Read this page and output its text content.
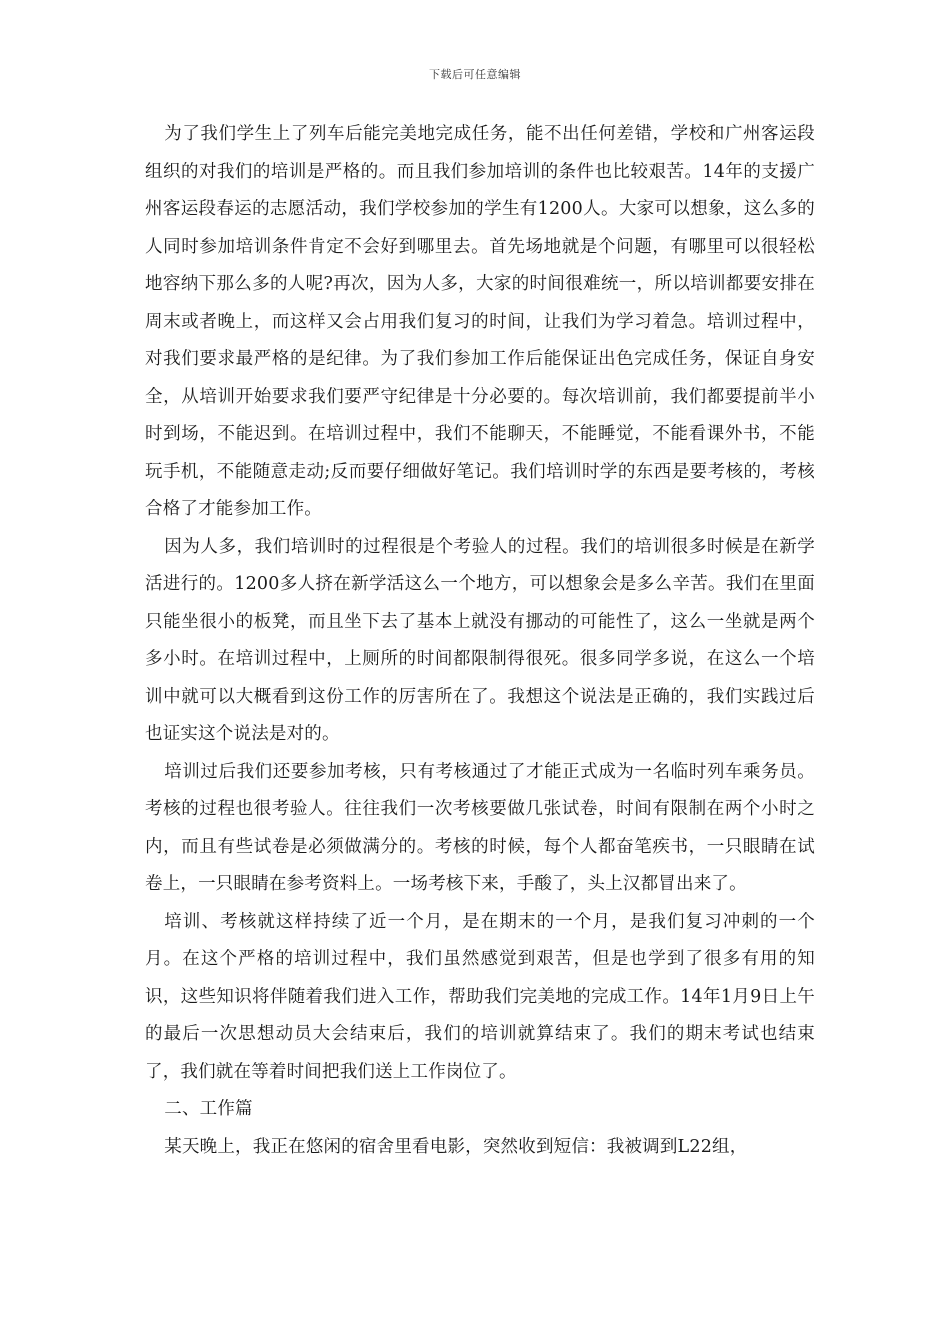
下载后可任意编辑

为了我们学生上了列车后能完美地完成任务，能不出任何差错，学校和广州客运段组织的对我们的培训是严格的。而且我们参加培训的条件也比较艰苦。14年的支援广州客运段春运的志愿活动，我们学校参加的学生有1200人。大家可以想象，这么多的人同时参加培训条件肯定不会好到哪里去。首先场地就是个问题，有哪里可以很轻松地容纳下那么多的人呢?再次，因为人多，大家的时间很难统一，所以培训都要安排在周末或者晚上，而这样又会占用我们复习的时间，让我们为学习着急。培训过程中，对我们要求最严格的是纪律。为了我们参加工作后能保证出色完成任务，保证自身安全，从培训开始要求我们要严守纪律是十分必要的。每次培训前，我们都要提前半小时到场，不能迟到。在培训过程中，我们不能聊天，不能睡觉，不能看课外书，不能玩手机，不能随意走动;反而要仔细做好笔记。我们培训时学的东西是要考核的，考核合格了才能参加工作。

因为人多，我们培训时的过程很是个考验人的过程。我们的培训很多时候是在新学活进行的。1200多人挤在新学活这么一个地方，可以想象会是多么辛苦。我们在里面只能坐很小的板凳，而且坐下去了基本上就没有挪动的可能性了，这么一坐就是两个多小时。在培训过程中，上厕所的时间都限制得很死。很多同学多说，在这么一个培训中就可以大概看到这份工作的厉害所在了。我想这个说法是正确的，我们实践过后也证实这个说法是对的。

培训过后我们还要参加考核，只有考核通过了才能正式成为一名临时列车乘务员。考核的过程也很考验人。往往我们一次考核要做几张试卷，时间有限制在两个小时之内，而且有些试卷是必须做满分的。考核的时候，每个人都奋笔疾书，一只眼睛在试卷上，一只眼睛在参考资料上。一场考核下来，手酸了，头上汉都冒出来了。

培训、考核就这样持续了近一个月，是在期末的一个月，是我们复习冲刺的一个月。在这个严格的培训过程中，我们虽然感觉到艰苦，但是也学到了很多有用的知识，这些知识将伴随着我们进入工作，帮助我们完美地的完成工作。14年1月9日上午的最后一次思想动员大会结束后，我们的培训就算结束了。我们的期末考试也结束了，我们就在等着时间把我们送上工作岗位了。

二、工作篇

某天晚上，我正在悠闲的宿舍里看电影，突然收到短信：我被调到L22组，
